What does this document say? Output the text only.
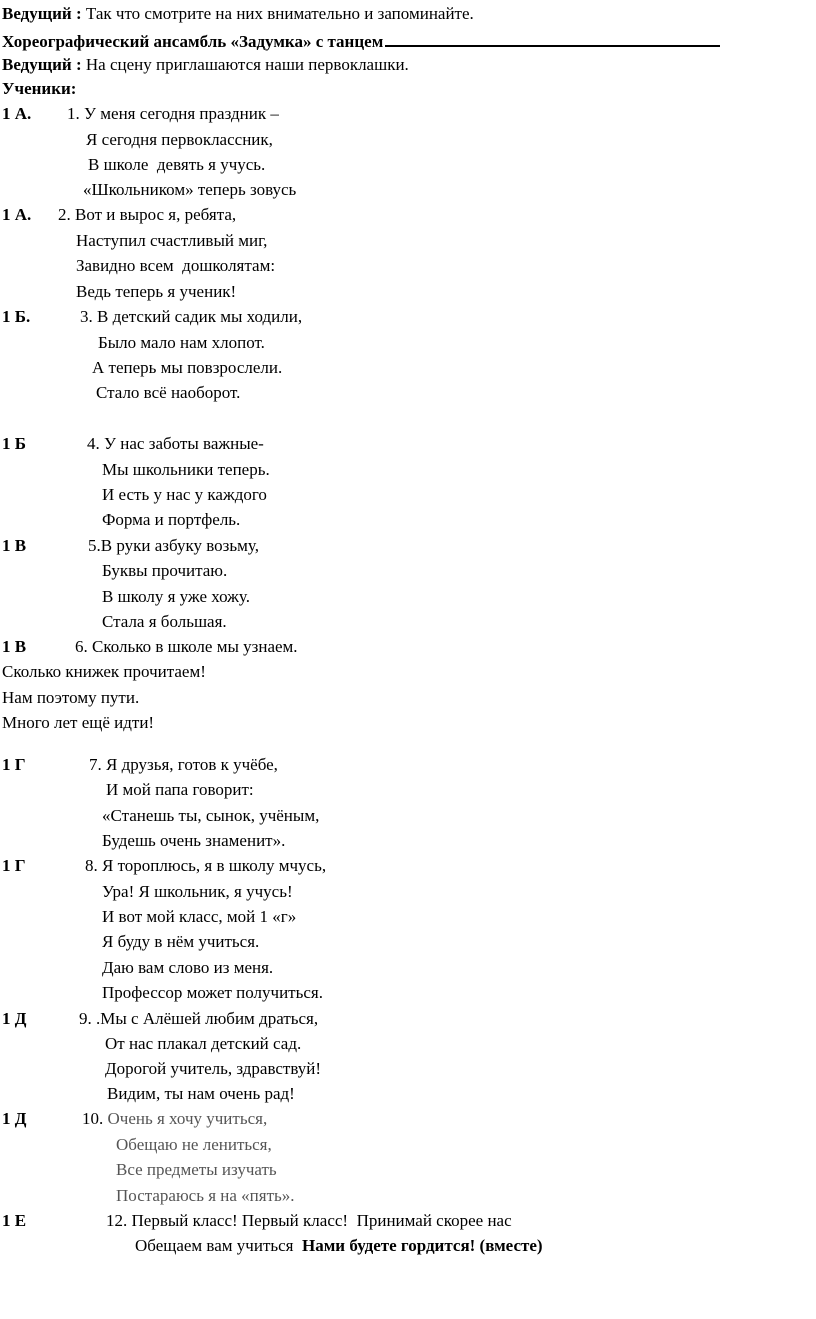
Ведущий : Так что смотрите на них внимательно и запоминайте.
Хореографический ансамбль «Задумка» с танцем
Ведущий : На сцену приглашаются наши первоклашки.
Ученики:
1 А. 1. У меня сегодня праздник –
Я сегодня первоклассник,
В школе  девять я учусь.
«Школьником» теперь зовусь
1 А. 2. Вот и вырос я, ребята,
Наступил счастливый миг,
Завидно всем  дошколятам:
Ведь теперь я ученик!
1 Б.	3. В детский садик мы ходили,
Было мало нам хлопот.
А теперь мы повзрослели.
Стало всё наоборот.
1 Б	4. У нас заботы важные-
Мы школьники теперь.
И есть у нас у каждого
Форма и портфель.
1 В	5.В руки азбуку возьму,
Буквы прочитаю.
В школу я уже хожу.
Стала я большая.
1 В	6. Сколько в школе мы узнаем.
Сколько книжек прочитаем!
Нам поэтому пути.
Много лет ещё идти!
1 Г	7. Я друзья, готов к учёбе,
И мой папа говорит:
«Станешь ты, сынок, учёным,
Будешь очень знаменит».
1 Г	8. Я тороплюсь, я в школу мчусь,
Ура! Я школьник, я учусь!
И вот мой класс, мой 1 «г»
Я буду в нём учиться.
Даю вам слово из меня.
Профессор может получиться.
1 Д	9. .Мы с Алёшей любим драться,
От нас плакал детский сад.
Дорогой учитель, здравствуй!
Видим, ты нам очень рад!
1 Д	10. Очень я хочу учиться,
Обещаю не лениться,
Все предметы изучать
Постараюсь я на «пять».
1 Е	12. Первый класс! Первый класс!  Принимай скорее нас
Обещаем вам учиться  Нами будете гордится! (вместе)
